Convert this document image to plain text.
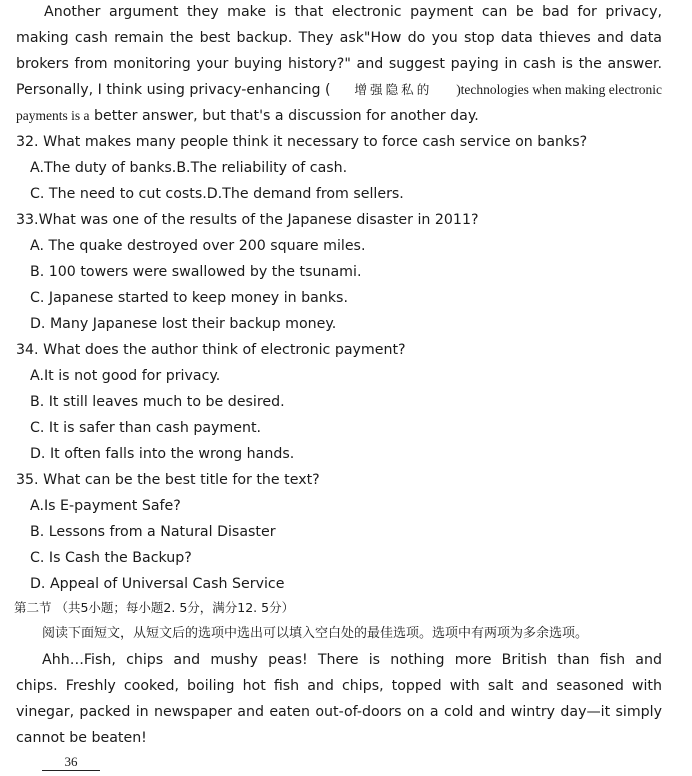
Another argument they make is that electronic payment can be bad for privacy,
making cash remain the best backup. They ask"How do you stop data thieves and data
brokers from monitoring your buying history?" and suggest paying in cash is the answer.
Personally, I think using privacy-enhancing ( 增强隐私的 )technologies when making electronic
payments is a better answer, but that's a discussion for another day.
32. What makes many people think it necessary to force cash service on banks?
A.The duty of banks.B.The reliability of cash.
C. The need to cut costs.D.The demand from sellers.
33.What was one of the results of the Japanese disaster in 2011?
A. The quake destroyed over 200 square miles.
B. 100 towers were swallowed by the tsunami.
C. Japanese started to keep money in banks.
D. Many Japanese lost their backup money.
34. What does the author think of electronic payment?
A.It is not good for privacy.
B. It still leaves much to be desired.
C. It is safer than cash payment.
D. It often falls into the wrong hands.
35. What can be the best title for the text?
A.Is E-payment Safe?
B. Lessons from a Natural Disaster
C. Is Cash the Backup?
D. Appeal of Universal Cash Service
第二节 （共5小题；每小题2. 5分，满分12. 5分）
阅读下面短文，从短文后的选项中选出可以填入空白处的最佳选项。选项中有两项为多余选项。
Ahh…Fish, chips and mushy peas! There is nothing more British than fish and
chips. Freshly cooked, boiling hot fish and chips, topped with salt and seasoned with
vinegar, packed in newspaper and eaten out-of-doors on a cold and wintry day—it simply
cannot be beaten!
36
